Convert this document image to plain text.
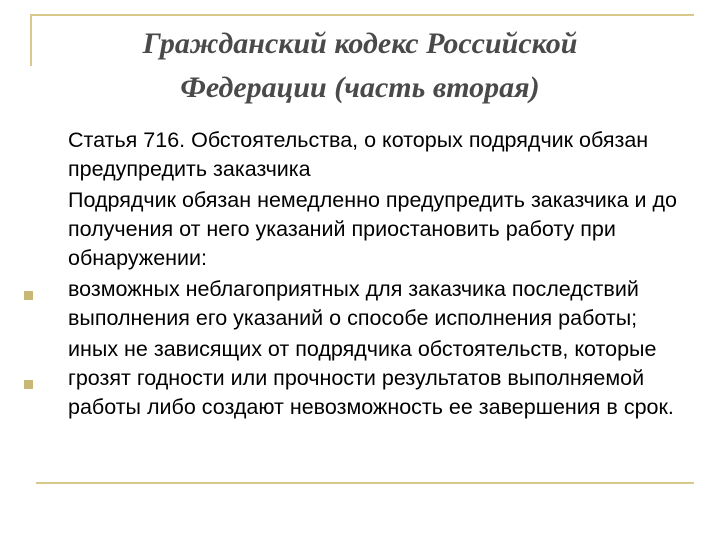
Гражданский кодекс Российской
Федерации (часть вторая)

Статья 716. Обстоятельства, о которых подрядчик обязан предупредить заказчика

Подрядчик обязан немедленно предупредить заказчика и до получения от него указаний приостановить работу при обнаружении:

возможных неблагоприятных для заказчика последствий выполнения его указаний о способе исполнения работы;

иных не зависящих от подрядчика обстоятельств, которые грозят годности или прочности результатов выполняемой работы либо создают невозможность ее завершения в срок.
